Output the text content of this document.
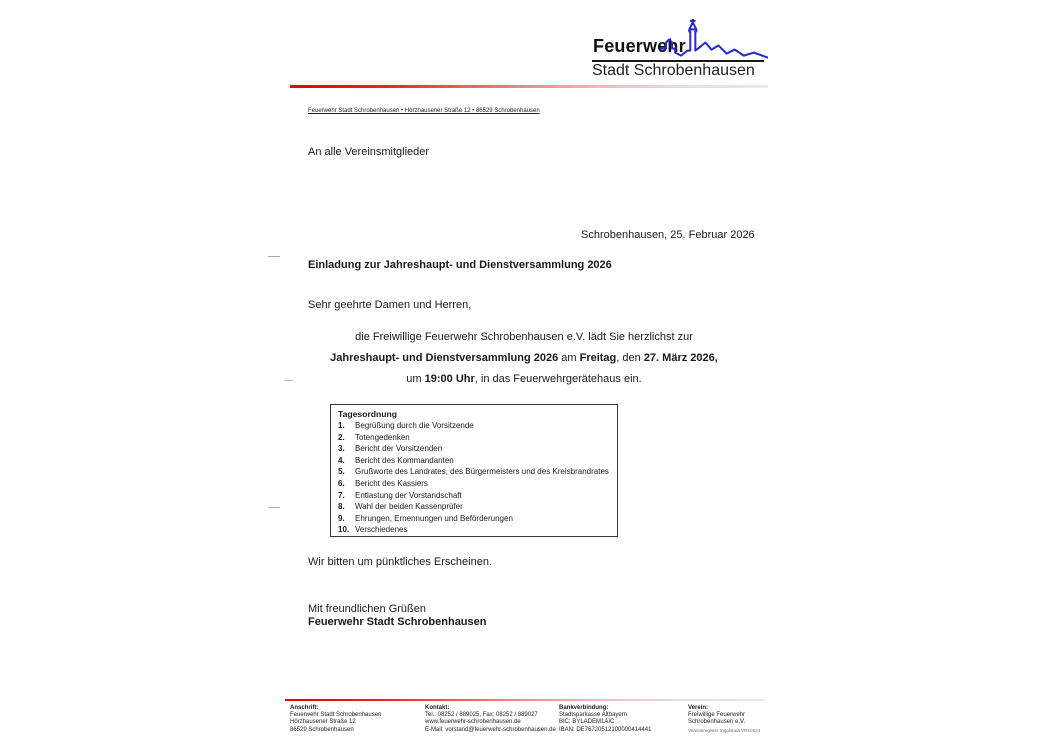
Feuerwehr
Stadt Schrobenhausen
Feuerwehr Stadt Schrobenhausen • Hörzhausener Straße 12 • 86529 Schrobenhausen
An alle Vereinsmitglieder
Schrobenhausen, 25. Februar 2026
Einladung zur Jahreshaupt- und Dienstversammlung 2026
Sehr geehrte Damen und Herren,
die Freiwillige Feuerwehr Schrobenhausen e.V. lädt Sie herzlichst zur
Jahreshaupt- und Dienstversammlung 2026 am Freitag, den 27. März 2026,
um 19:00 Uhr, in das Feuerwehrgerätehaus ein.
Tagesordnung
1.	Begrüßung durch die Vorsitzende
2.	Totengedenken
3.	Bericht der Vorsitzenden
4.	Bericht des Kommandanten
5.	Grußworte des Landrates, des Bürgermeisters und des Kreisbrandrates
6.	Bericht des Kassiers
7.	Entlastung der Vorstandschaft
8.	Wahl der beiden Kassenprüfer
9.	Ehrungen, Ernennungen und Beförderungen
10. Verschiedenes
Wir bitten um pünktliches Erscheinen.
Mit freundlichen Grüßen
Feuerwehr Stadt Schrobenhausen
Anschrift:
Feuerwehr Stadt Schrobenhausen
Hörzhausener Straße 12
86529 Schrobenhausen
Kontakt:
Tel.: 08252 / 889025, Fax: 08252 / 889027
www.feuerwehr-schrobenhausen.de
E-Mail: vorstand@feuerwehr-schrobenhausen.de
Bankverbindung:
Stadtsparkasse Altbayern
BIC: BYLADEM1AIC
IBAN: DE76720512100000414441
Verein:
Freiwillige Feuerwehr
Schrobenhausen e.V.
Vereinsregister Ingolstadt VR10524
